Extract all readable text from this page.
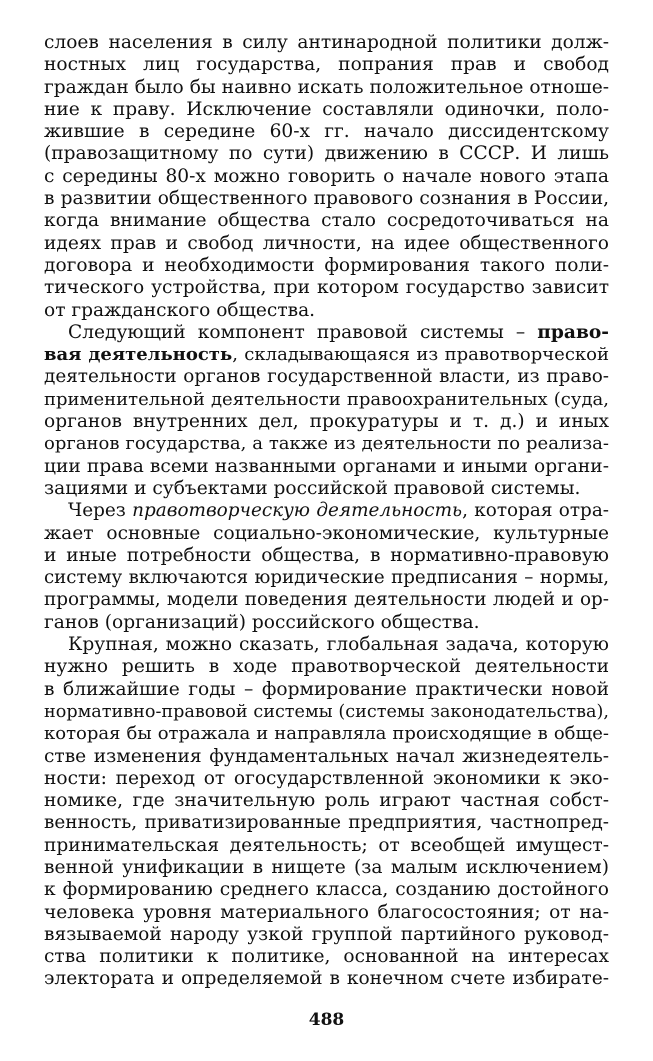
слоев населения в силу антинародной политики долж-
ностных лиц государства, попрания прав и свобод
граждан было бы наивно искать положительное отноше-
ние к праву. Исключение составляли одиночки, поло-
жившие в середине 60-х гг. начало диссидентскому
(правозащитному по сути) движению в СССР. И лишь
с середины 80-х можно говорить о начале нового этапа
в развитии общественного правового сознания в России,
когда внимание общества стало сосредоточиваться на
идеях прав и свобод личности, на идее общественного
договора и необходимости формирования такого поли-
тического устройства, при котором государство зависит
от гражданского общества.
Следующий компонент правовой системы – право-
вая деятельность, складывающаяся из правотворческой
деятельности органов государственной власти, из право-
применительной деятельности правоохранительных (суда,
органов внутренних дел, прокуратуры и т. д.) и иных
органов государства, а также из деятельности по реализа-
ции права всеми названными органами и иными органи-
зациями и субъектами российской правовой системы.
Через правотворческую деятельность, которая отра-
жает основные социально-экономические, культурные
и иные потребности общества, в нормативно-правовую
систему включаются юридические предписания – нормы,
программы, модели поведения деятельности людей и ор-
ганов (организаций) российского общества.
Крупная, можно сказать, глобальная задача, которую
нужно решить в ходе правотворческой деятельности
в ближайшие годы – формирование практически новой
нормативно-правовой системы (системы законодательства),
которая бы отражала и направляла происходящие в обще-
стве изменения фундаментальных начал жизнедеятель-
ности: переход от огосударствленной экономики к эко-
номике, где значительную роль играют частная собст-
венность, приватизированные предприятия, частнопред-
принимательская деятельность; от всеобщей имущест-
венной унификации в нищете (за малым исключением)
к формированию среднего класса, созданию достойного
человека уровня материального благосостояния; от на-
вязываемой народу узкой группой партийного руковод-
ства политики к политике, основанной на интересах
электората и определяемой в конечном счете избирате-
488
